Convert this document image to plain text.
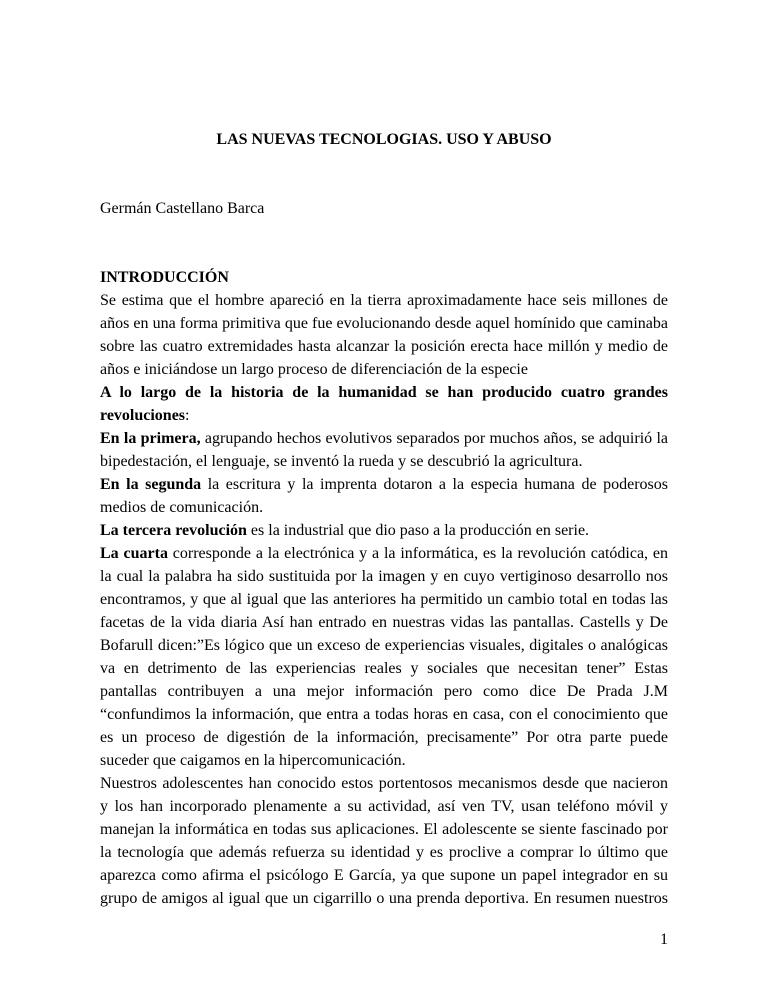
LAS NUEVAS TECNOLOGIAS. USO Y ABUSO
Germán Castellano Barca
INTRODUCCIÓN
Se estima que el hombre apareció en la tierra aproximadamente hace seis millones de
años en una forma primitiva que fue evolucionando desde aquel homínido que caminaba
sobre las cuatro extremidades hasta alcanzar la posición erecta hace millón y medio de
años e iniciándose un largo proceso de diferenciación de la especie
A lo largo de la historia de la humanidad se han producido cuatro grandes
revoluciones:
En la primera, agrupando hechos evolutivos separados por muchos años, se adquirió la
bipedestación, el lenguaje, se inventó la rueda y se descubrió la agricultura.
En la segunda la escritura y la imprenta dotaron a la especia humana de poderosos
medios de comunicación.
La tercera revolución es la industrial que dio paso a la producción en serie.
La cuarta corresponde a la electrónica y a la informática, es la revolución catódica, en
la cual la palabra ha sido sustituida por la imagen y en cuyo vertiginoso desarrollo nos
encontramos, y que al igual que las anteriores ha permitido un cambio total en todas las
facetas de la vida diaria Así han entrado en nuestras vidas las pantallas. Castells y De
Bofarull dicen:”Es lógico que un exceso de experiencias visuales, digitales o analógicas
va en detrimento de las experiencias reales y sociales que necesitan tener” Estas
pantallas contribuyen a una mejor información pero como dice De Prada J.M
“confundimos la información, que entra a todas horas en casa, con el conocimiento que
es un proceso de digestión de la información, precisamente” Por otra parte puede
suceder que caigamos en la hipercomunicación.
Nuestros adolescentes han conocido estos portentosos mecanismos desde que nacieron
y los han incorporado plenamente a su actividad, así ven TV, usan teléfono móvil y
manejan la informática en todas sus aplicaciones. El adolescente se siente fascinado por
la tecnología que además refuerza su identidad y es proclive a comprar lo último que
aparezca como afirma el psicólogo E García, ya que supone un papel integrador en su
grupo de amigos al igual que un cigarrillo o una prenda deportiva. En resumen nuestros
1
